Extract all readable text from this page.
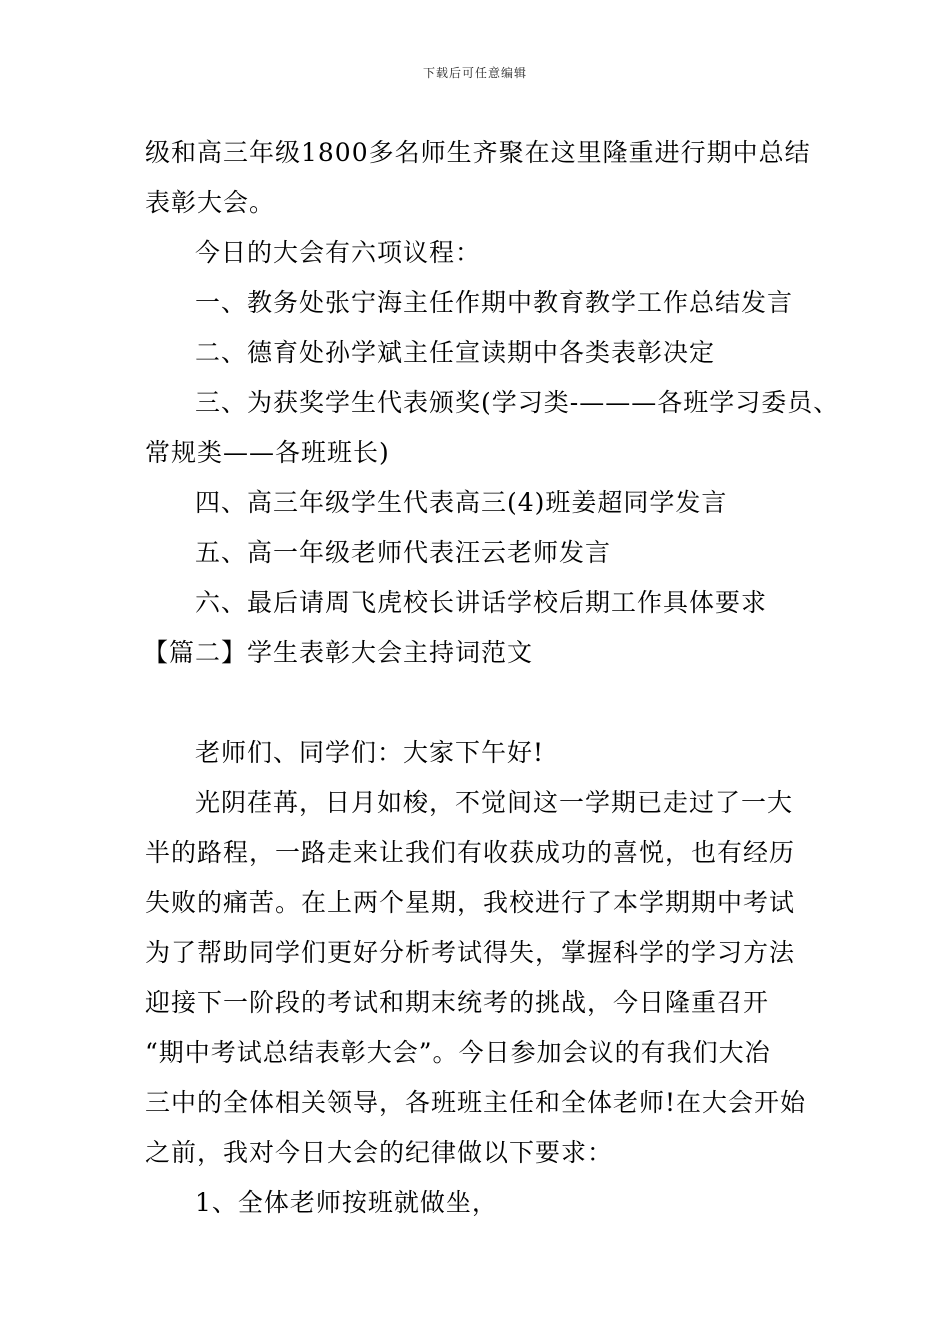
下载后可任意编辑
级和高三年级1800多名师生齐聚在这里隆重进行期中总结
表彰大会。
今日的大会有六项议程：
一、教务处张宁海主任作期中教育教学工作总结发言
二、德育处孙学斌主任宣读期中各类表彰决定
三、为获奖学生代表颁奖(学习类-———各班学习委员、
常规类——各班班长)
四、高三年级学生代表高三(4)班姜超同学发言
五、高一年级老师代表汪云老师发言
六、最后请周飞虎校长讲话学校后期工作具体要求
【篇二】学生表彰大会主持词范文
老师们、同学们：大家下午好!
光阴荏苒，日月如梭，不觉间这一学期已走过了一大
半的路程，一路走来让我们有收获成功的喜悦，也有经历
失败的痛苦。在上两个星期，我校进行了本学期期中考试
为了帮助同学们更好分析考试得失，掌握科学的学习方法
迎接下一阶段的考试和期末统考的挑战，今日隆重召开
“期中考试总结表彰大会”。今日参加会议的有我们大冶
三中的全体相关领导，各班班主任和全体老师!在大会开始
之前，我对今日大会的纪律做以下要求：
1、全体老师按班就做坐，
